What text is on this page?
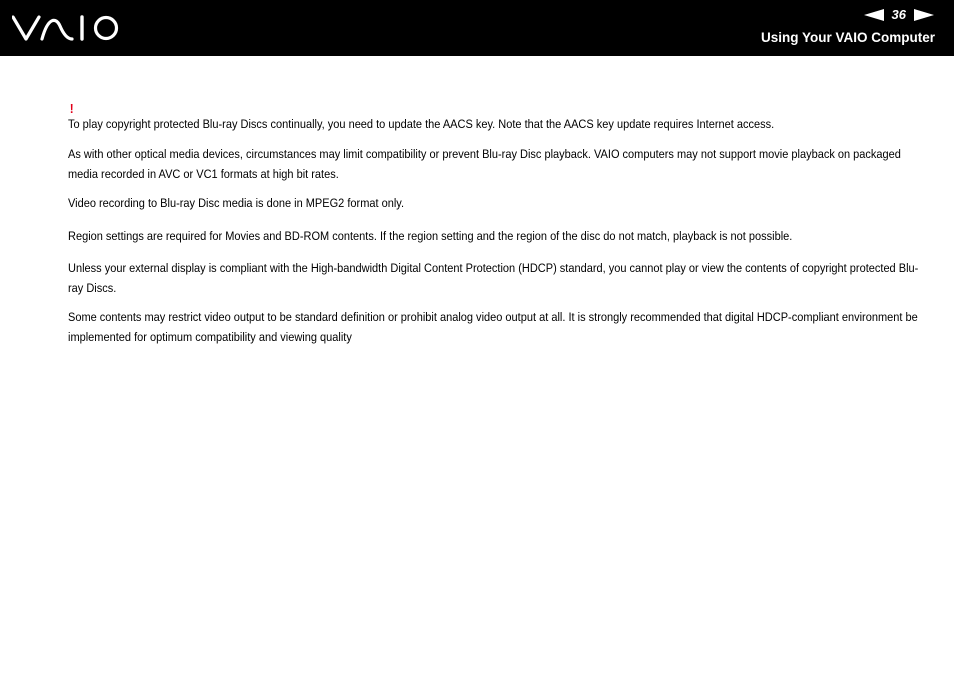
36
Using Your VAIO Computer
!

To play copyright protected Blu-ray Discs continually, you need to update the AACS key. Note that the AACS key update requires Internet access.

As with other optical media devices, circumstances may limit compatibility or prevent Blu-ray Disc playback. VAIO computers may not support movie playback on packaged media recorded in AVC or VC1 formats at high bit rates.

Video recording to Blu-ray Disc media is done in MPEG2 format only.

Region settings are required for Movies and BD-ROM contents. If the region setting and the region of the disc do not match, playback is not possible.

Unless your external display is compliant with the High-bandwidth Digital Content Protection (HDCP) standard, you cannot play or view the contents of copyright protected Blu-ray Discs.

Some contents may restrict video output to be standard definition or prohibit analog video output at all. It is strongly recommended that digital HDCP-compliant environment be implemented for optimum compatibility and viewing quality
